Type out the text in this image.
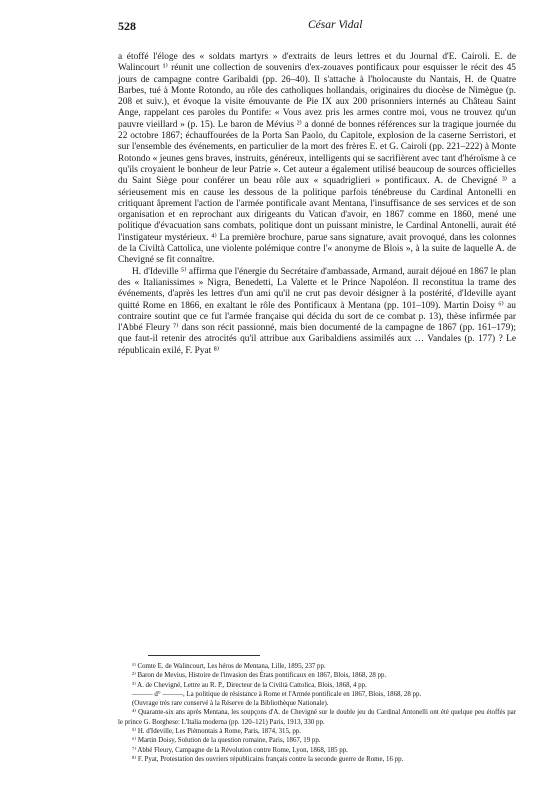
528	César Vidal

a étoffé l'éloge des « soldats martyrs » d'extraits de leurs lettres et du Journal d'E. Cairoli. E. de Walincourt ¹⁾ réunit une collection de souvenirs d'ex-zouaves pontificaux pour esquisser le récit des 45 jours de campagne contre Garibaldi (pp. 26–40). Il s'attache à l'holocauste du Nantais, H. de Quatre Barbes, tué à Monte Rotondo, au rôle des catholiques hollandais, originaires du diocèse de Nimègue (p. 208 et suiv.), et évoque la visite émouvante de Pie IX aux 200 prisonniers internés au Château Saint Ange, rappelant ces paroles du Pontife: « Vous avez pris les armes contre moi, vous ne trouvez qu'un pauvre vieillard » (p. 15). Le baron de Mévius ²⁾ a donné de bonnes références sur la tragique journée du 22 octobre 1867; échauffourées de la Porta San Paolo, du Capitole, explosion de la caserne Serristori, et sur l'ensemble des événements, en particulier de la mort des frères E. et G. Cairoli (pp. 221–222) à Monte Rotondo « jeunes gens braves, instruits, généreux, intelligents qui se sacrifièrent avec tant d'héroïsme à ce qu'ils croyaient le bonheur de leur Patrie ». Cet auteur a également utilisé beaucoup de sources officielles du Saint Siège pour conférer un beau rôle aux « squadriglieri » pontificaux. A. de Chevigné ³⁾ a sérieusement mis en cause les dessous de la politique parfois ténébreuse du Cardinal Antonelli en critiquant âprement l'action de l'armée pontificale avant Mentana, l'insuffisance de ses services et de son organisation et en reprochant aux dirigeants du Vatican d'avoir, en 1867 comme en 1860, mené une politique d'évacuation sans combats, politique dont un puissant ministre, le Cardinal Antonelli, aurait été l'instigateur mystérieux. ⁴⁾ La première brochure, parue sans signature, avait provoqué, dans les colonnes de la Civiltà Cattolica, une violente polémique contre l'« anonyme de Blois », à la suite de laquelle A. de Chevigné se fit connaître.

H. d'Ideville ⁵⁾ affirma que l'énergie du Secrétaire d'ambassade, Armand, aurait déjoué en 1867 le plan des « Italianissimes » Nigra, Benedetti, La Valette et le Prince Napoléon. Il reconstitua la trame des événements, d'après les lettres d'un ami qu'il ne crut pas devoir désigner à la postérité, d'Ideville ayant quitté Rome en 1866, en exaltant le rôle des Pontificaux à Mentana (pp. 101–109). Martin Doisy ⁶⁾ au contraire soutint que ce fut l'armée française qui décida du sort de ce combat p. 13), thèse infirmée par l'Abbé Fleury ⁷⁾ dans son récit passionné, mais bien documenté de la campagne de 1867 (pp. 161–179); que faut-il retenir des atrocités qu'il attribue aux Garibaldiens assimilés aux … Vandales (p. 177) ? Le républicain exilé, F. Pyat ⁸⁾

¹⁾ Comte E. de Walincourt, Les héros de Mentana, Lille, 1895, 237 pp.

²⁾ Baron de Mevius, Histoire de l'invasion des États pontificaux en 1867, Blois, 1868, 28 pp.

³⁾ A. de Chevigné, Lettre au R. P., Directeur de la Civiltà Cattolica, Blois, 1868, 4 pp.

——— d° ———, La politique de résistance à Rome et l'Armée pontificale en 1867, Blois, 1868, 28 pp.

(Ouvrage très rare conservé à la Réserve de la Bibliothèque Nationale).

⁴⁾ Quarante-six ans après Mentana, les soupçons d'A. de Chevigné sur le double jeu du Cardinal Antonelli ont été quelque peu étoffés par le prince G. Borghese: L'Italia moderna (pp. 120–121) Paris, 1913, 330 pp.

⁵⁾ H. d'Ideville, Les Piémontais à Rome, Paris, 1874, 315, pp.

⁶⁾ Martin Doisy, Solution de la question romaine, Paris, 1867, 19 pp.

⁷⁾ Abbé Fleury, Campagne de la Révolution contre Rome, Lyon, 1868, 185 pp.

⁸⁾ F. Pyat, Protestation des ouvriers républicains français contre la seconde guerre de Rome, 16 pp.
